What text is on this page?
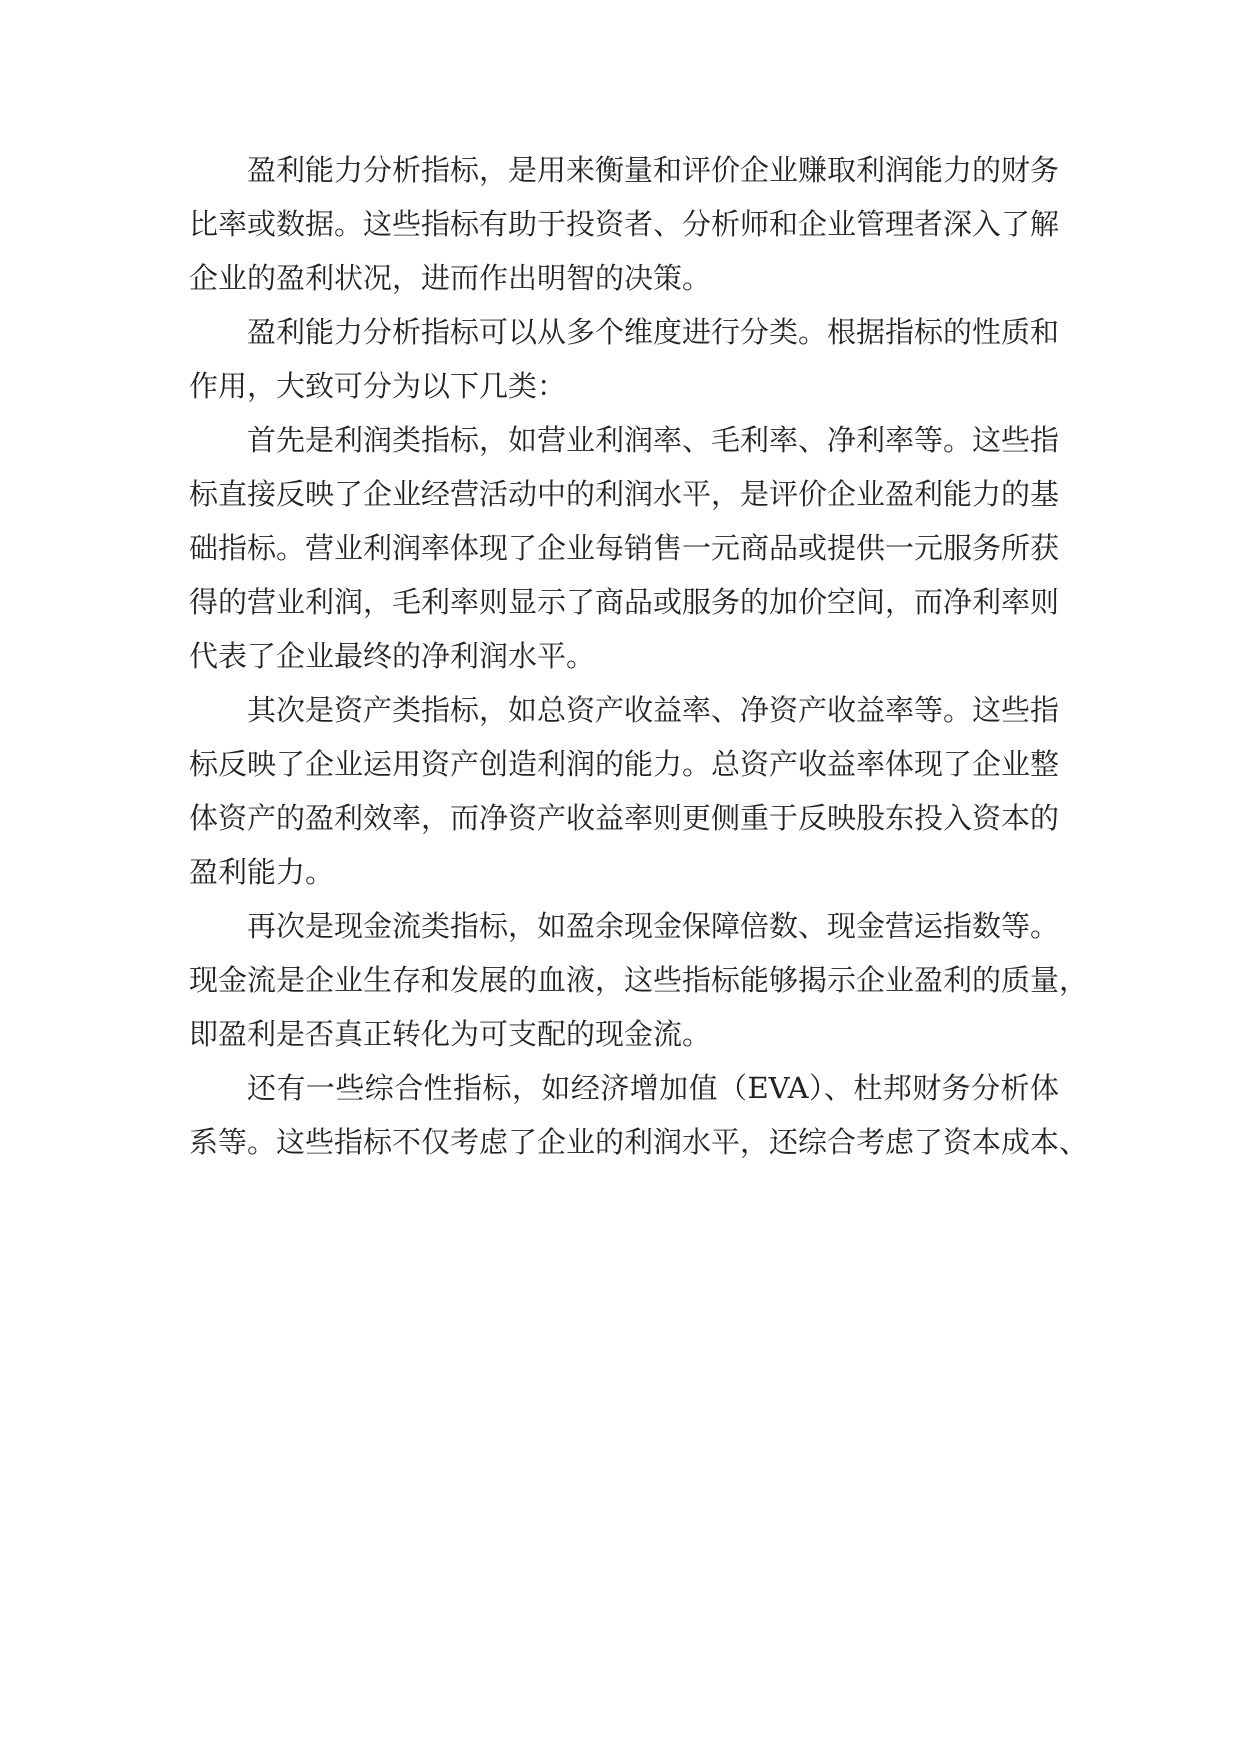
盈利能力分析指标，是用来衡量和评价企业赚取利润能力的财务
比率或数据。这些指标有助于投资者、分析师和企业管理者深入了解
企业的盈利状况，进而作出明智的决策。
盈利能力分析指标可以从多个维度进行分类。根据指标的性质和
作用，大致可分为以下几类：
首先是利润类指标，如营业利润率、毛利率、净利率等。这些指
标直接反映了企业经营活动中的利润水平，是评价企业盈利能力的基
础指标。营业利润率体现了企业每销售一元商品或提供一元服务所获
得的营业利润，毛利率则显示了商品或服务的加价空间，而净利率则
代表了企业最终的净利润水平。
其次是资产类指标，如总资产收益率、净资产收益率等。这些指
标反映了企业运用资产创造利润的能力。总资产收益率体现了企业整
体资产的盈利效率，而净资产收益率则更侧重于反映股东投入资本的
盈利能力。
再次是现金流类指标，如盈余现金保障倍数、现金营运指数等。
现金流是企业生存和发展的血液，这些指标能够揭示企业盈利的质量，
即盈利是否真正转化为可支配的现金流。
还有一些综合性指标，如经济增加值（EVA）、杜邦财务分析体
系等。这些指标不仅考虑了企业的利润水平，还综合考虑了资本成本、
